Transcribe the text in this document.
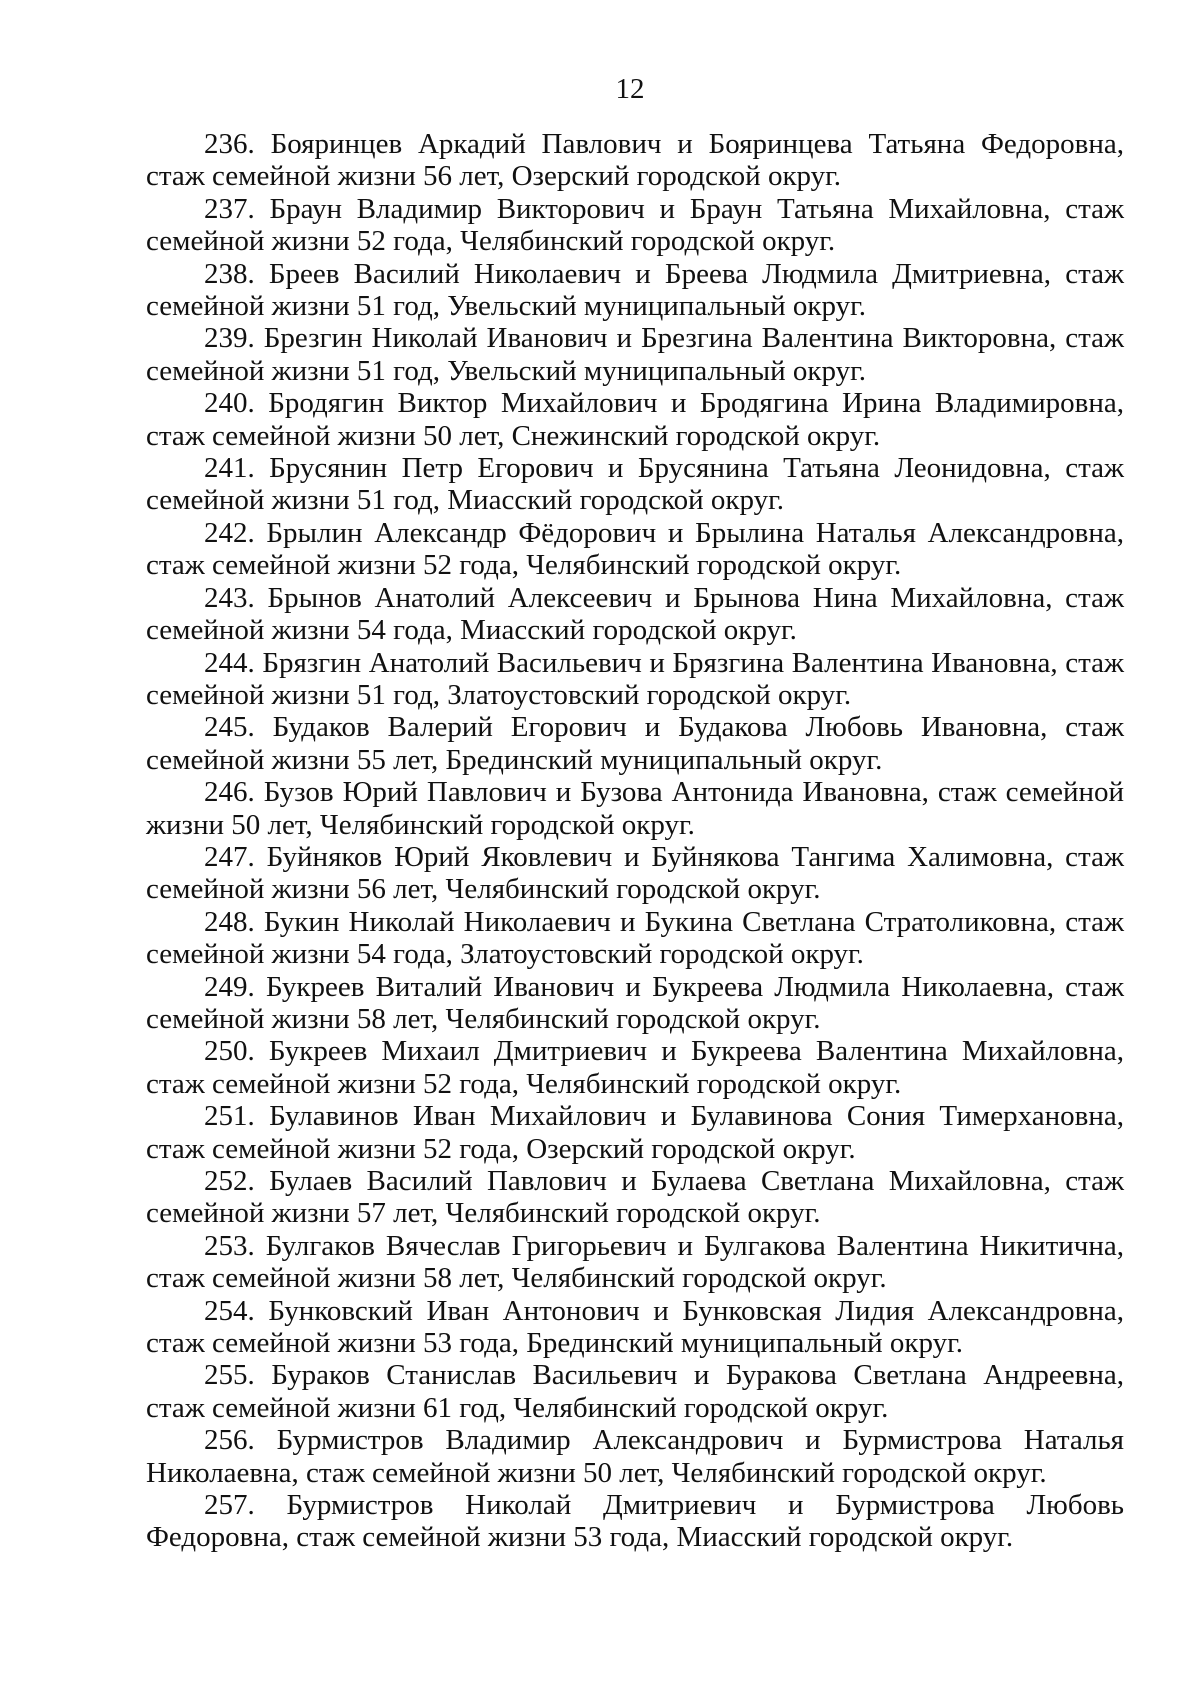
12
236. Бояринцев Аркадий Павлович и Бояринцева Татьяна Федоровна, стаж семейной жизни 56 лет, Озерский городской округ.
237. Браун Владимир Викторович и Браун Татьяна Михайловна, стаж семейной жизни 52 года, Челябинский городской округ.
238. Бреев Василий Николаевич и Бреева Людмила Дмитриевна, стаж семейной жизни 51 год, Увельский муниципальный округ.
239. Брезгин Николай Иванович и Брезгина Валентина Викторовна, стаж семейной жизни 51 год, Увельский муниципальный округ.
240. Бродягин Виктор Михайлович и Бродягина Ирина Владимировна, стаж семейной жизни 50 лет, Снежинский городской округ.
241. Брусянин Петр Егорович и Брусянина Татьяна Леонидовна, стаж семейной жизни 51 год, Миасский городской округ.
242. Брылин Александр Фёдорович и Брылина Наталья Александровна, стаж семейной жизни 52 года, Челябинский городской округ.
243. Брынов Анатолий Алексеевич и Брынова Нина Михайловна, стаж семейной жизни 54 года, Миасский городской округ.
244. Брязгин Анатолий Васильевич и Брязгина Валентина Ивановна, стаж семейной жизни 51 год, Златоустовский городской округ.
245. Будаков Валерий Егорович и Будакова Любовь Ивановна, стаж семейной жизни 55 лет, Брединский муниципальный округ.
246. Бузов Юрий Павлович и Бузова Антонида Ивановна, стаж семейной жизни 50 лет, Челябинский городской округ.
247. Буйняков Юрий Яковлевич и Буйнякова Тангима Халимовна, стаж семейной жизни 56 лет, Челябинский городской округ.
248. Букин Николай Николаевич и Букина Светлана Стратоликовна, стаж семейной жизни 54 года, Златоустовский городской округ.
249. Букреев Виталий Иванович и Букреева Людмила Николаевна, стаж семейной жизни 58 лет, Челябинский городской округ.
250. Букреев Михаил Дмитриевич и Букреева Валентина Михайловна, стаж семейной жизни 52 года, Челябинский городской округ.
251. Булавинов Иван Михайлович и Булавинова Сония Тимерхановна, стаж семейной жизни 52 года, Озерский городской округ.
252. Булаев Василий Павлович и Булаева Светлана Михайловна, стаж семейной жизни 57 лет, Челябинский городской округ.
253. Булгаков Вячеслав Григорьевич и Булгакова Валентина Никитична, стаж семейной жизни 58 лет, Челябинский городской округ.
254. Бунковский Иван Антонович и Бунковская Лидия Александровна, стаж семейной жизни 53 года, Брединский муниципальный округ.
255. Бураков Станислав Васильевич и Буракова Светлана Андреевна, стаж семейной жизни 61 год, Челябинский городской округ.
256. Бурмистров Владимир Александрович и Бурмистрова Наталья Николаевна, стаж семейной жизни 50 лет, Челябинский городской округ.
257. Бурмистров Николай Дмитриевич и Бурмистрова Любовь Федоровна, стаж семейной жизни 53 года, Миасский городской округ.
